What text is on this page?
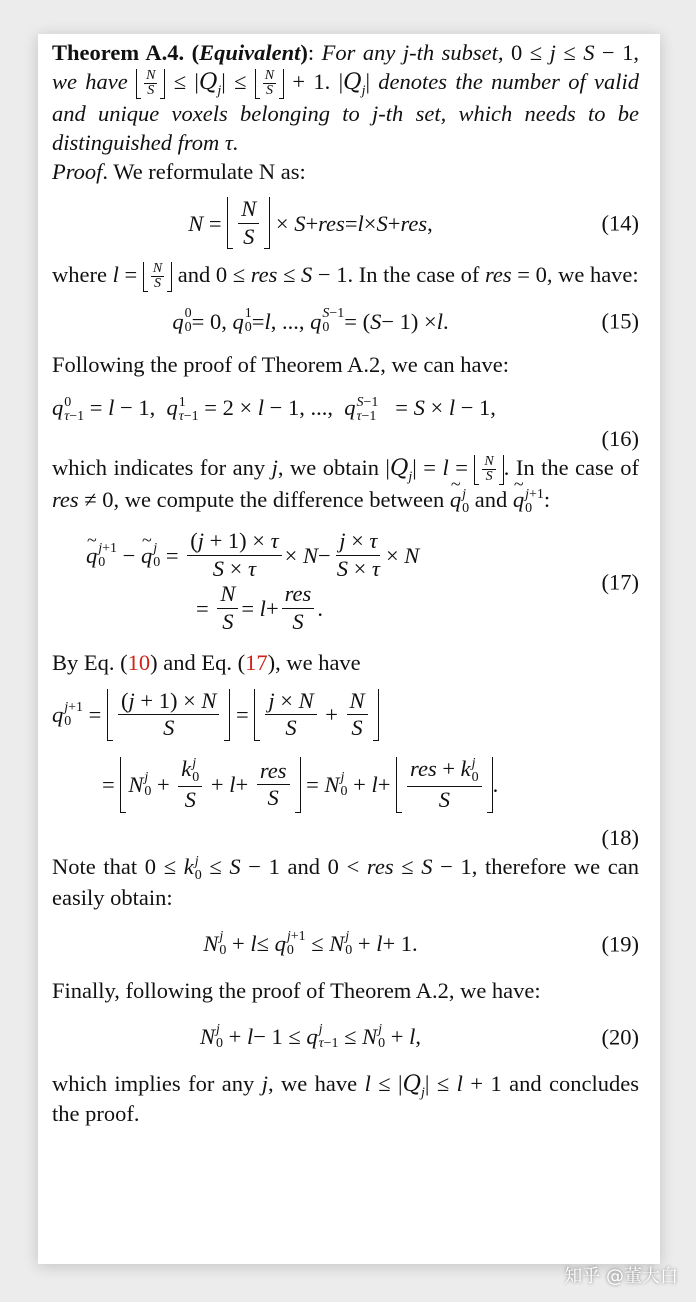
Theorem A.4. (Equivalent): For any j-th subset, 0 ≤ j ≤ S − 1, we have N
$S \le |Q_j| \le N$
S + 1. $|Q_j|$ denotes the number of valid and unique voxels belonging to j-th set, which needs to be distinguished from τ.
Proof. We reformulate N as:
$N = \frac{N}{S} \times S$ + res = l × S + res ,	(14)
where l = N
S and 0 ≤ res ≤ S − 1. In the case of res = 0, we have:
q 0
0 = 0, q 1
0 = l , ..., q S−1
0 = ( S − 1) × l .	(15)
Following the proof of Theorem A.2, we can have:
q 0
τ−1 = l − 1,  q 1
τ−1 = 2 × l − 1, ...,  q S−1
τ−1 = S × l − 1,
(16)
which indicates for any j, we obtain $|Q_j| = l = N$
S . In the case of res ≠ 0, we compute the difference between ~ q j
0 and ~ q j+1
0 :
~ q j+1
0 − ~ q j
$0 = \frac{(j + 1) \times \tau}{S \times \tau} \times N - \frac{j \times \tau}{S \times \tau} \times N$
= $\frac{N}{S} = l + \frac{\text{res}}{S}$ .
(17)
By Eq. (10) and Eq. (17), we have
q j+1
$0 = \frac{(j + 1) \times N}{S} = \frac{j \times N}{S} + \frac{N}{S}$
= N j
0 + k j
0
$S + l + \frac{\text{res}}{S} = N$ j
0 + l + res + k j
0
S .
(18)
Note that 0 ≤ k j
0 ≤ S − 1 and 0 < res ≤ S − 1, therefore we can easily obtain:
N j
0 + l ≤ q j+1
0 ≤ N j
0 + l + 1.	(19)
Finally, following the proof of Theorem A.2, we have:
N j
0 + l − 1 ≤ q j
τ−1 ≤ N j
0 + l ,	(20)
which implies for any j, we have $l \le |Q_j| \le l + 1$ and concludes the proof.
知乎 @董大白
